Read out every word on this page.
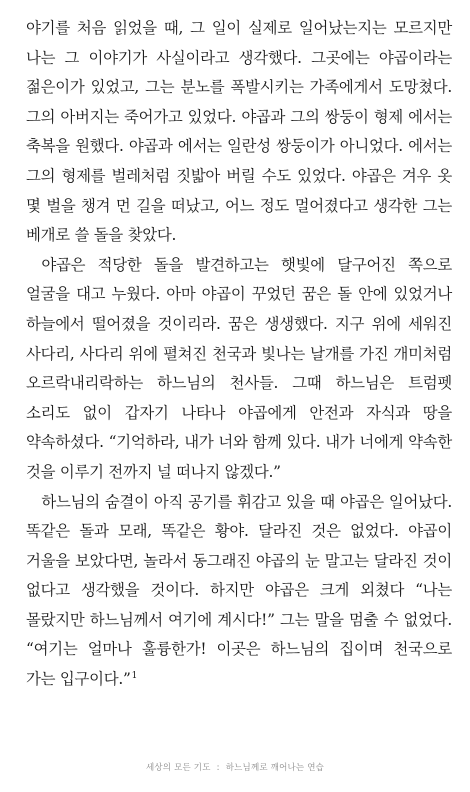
야기를 처음 읽었을 때, 그 일이 실제로 일어났는지는 모르지만 나는 그 이야기가 사실이라고 생각했다. 그곳에는 야곱이라는 젊은이가 있었고, 그는 분노를 폭발시키는 가족에게서 도망쳤다. 그의 아버지는 죽어가고 있었다. 야곱과 그의 쌍둥이 형제 에서는 축복을 원했다. 야곱과 에서는 일란성 쌍둥이가 아니었다. 에서는 그의 형제를 벌레처럼 짓밟아 버릴 수도 있었다. 야곱은 겨우 옷 몇 벌을 챙겨 먼 길을 떠났고, 어느 정도 멀어졌다고 생각한 그는 베개로 쓸 돌을 찾았다.

야곱은 적당한 돌을 발견하고는 햇빛에 달구어진 쪽으로 얼굴을 대고 누웠다. 아마 야곱이 꾸었던 꿈은 돌 안에 있었거나 하늘에서 떨어졌을 것이리라. 꿈은 생생했다. 지구 위에 세워진 사다리, 사다리 위에 펼쳐진 천국과 빛나는 날개를 가진 개미처럼 오르락내리락하는 하느님의 천사들. 그때 하느님은 트럼펫 소리도 없이 갑자기 나타나 야곱에게 안전과 자식과 땅을 약속하셨다. “기억하라, 내가 너와 함께 있다. 내가 너에게 약속한 것을 이루기 전까지 널 떠나지 않겠다.”

하느님의 숨결이 아직 공기를 휘감고 있을 때 야곱은 일어났다. 똑같은 돌과 모래, 똑같은 황야. 달라진 것은 없었다. 야곱이 거울을 보았다면, 놀라서 동그래진 야곱의 눈 말고는 달라진 것이 없다고 생각했을 것이다. 하지만 야곱은 크게 외쳤다 “나는 몰랐지만 하느님께서 여기에 계시다!” 그는 말을 멈출 수 없었다. “여기는 얼마나 훌륭한가! 이곳은 하느님의 집이며 천국으로 가는 입구이다.”$^1$

세상의 모든 기도 : 하느님께로 깨어나는 연습
